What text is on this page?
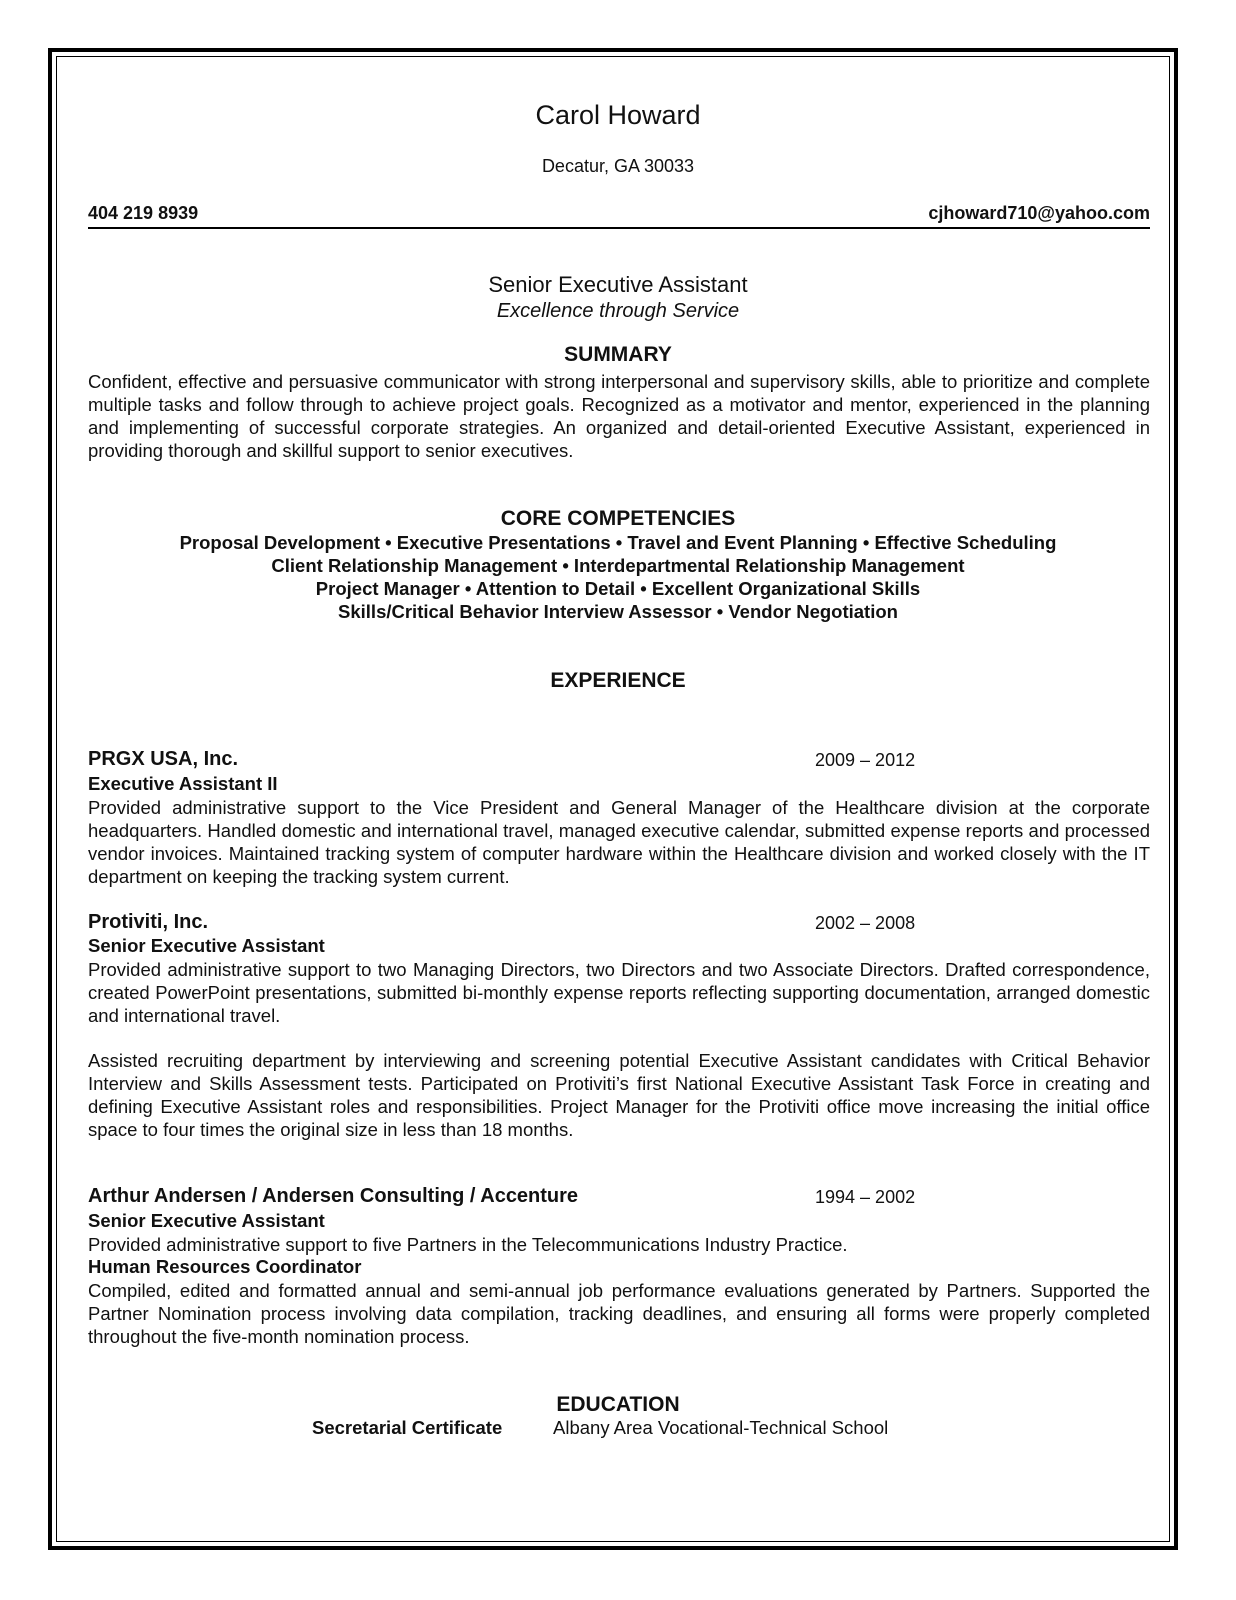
Carol Howard
Decatur, GA 30033
404 219 8939	cjhoward710@yahoo.com
Senior Executive Assistant
Excellence through Service
SUMMARY
Confident, effective and persuasive communicator with strong interpersonal and supervisory skills, able to prioritize and complete multiple tasks and follow through to achieve project goals. Recognized as a motivator and mentor, experienced in the planning and implementing of successful corporate strategies. An organized and detail-oriented Executive Assistant, experienced in providing thorough and skillful support to senior executives.
CORE COMPETENCIES
Proposal Development • Executive Presentations • Travel and Event Planning • Effective Scheduling
Client Relationship Management • Interdepartmental Relationship Management
Project Manager • Attention to Detail • Excellent Organizational Skills
Skills/Critical Behavior Interview Assessor • Vendor Negotiation
EXPERIENCE
PRGX USA, Inc.	2009 – 2012
Executive Assistant II
Provided administrative support to the Vice President and General Manager of the Healthcare division at the corporate headquarters. Handled domestic and international travel, managed executive calendar, submitted expense reports and processed vendor invoices. Maintained tracking system of computer hardware within the Healthcare division and worked closely with the IT department on keeping the tracking system current.
Protiviti, Inc.	2002 – 2008
Senior Executive Assistant
Provided administrative support to two Managing Directors, two Directors and two Associate Directors. Drafted correspondence, created PowerPoint presentations, submitted bi-monthly expense reports reflecting supporting documentation, arranged domestic and international travel.
Assisted recruiting department by interviewing and screening potential Executive Assistant candidates with Critical Behavior Interview and Skills Assessment tests. Participated on Protiviti’s first National Executive Assistant Task Force in creating and defining Executive Assistant roles and responsibilities. Project Manager for the Protiviti office move increasing the initial office space to four times the original size in less than 18 months.
Arthur Andersen / Andersen Consulting / Accenture	1994 – 2002
Senior Executive Assistant
Provided administrative support to five Partners in the Telecommunications Industry Practice.
Human Resources Coordinator
Compiled, edited and formatted annual and semi-annual job performance evaluations generated by Partners. Supported the Partner Nomination process involving data compilation, tracking deadlines, and ensuring all forms were properly completed throughout the five-month nomination process.
EDUCATION
Secretarial Certificate	Albany Area Vocational-Technical School
